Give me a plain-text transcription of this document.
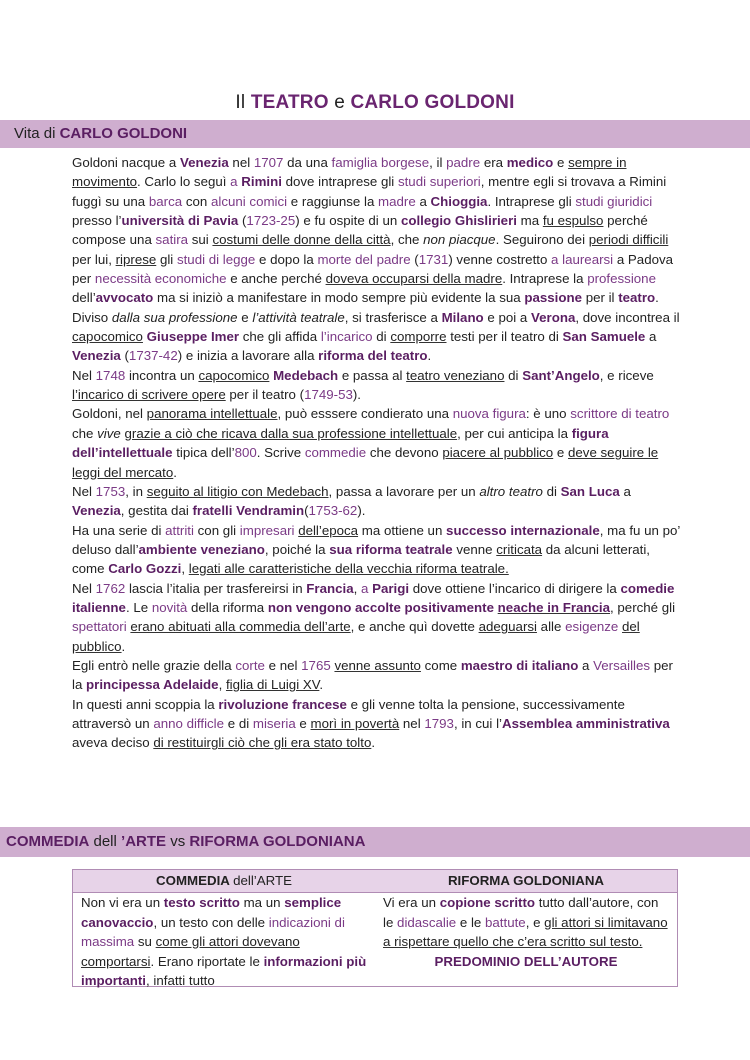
Il TEATRO e CARLO GOLDONI
Vita di CARLO GOLDONI
Goldoni nacque a Venezia nel 1707 da una famiglia borgese, il padre era medico e sempre in movimento. Carlo lo seguì a Rimini dove intraprese gli studi superiori, mentre egli si trovava a Rimini fuggì su una barca con alcuni comici e raggiunse la madre a Chioggia. Intraprese gli studi giuridici presso l’università di Pavia (1723-25) e fu ospite di un collegio Ghislirieri ma fu espulso perché compose una satira sui costumi delle donne della città, che non piacque. Seguirono dei periodi difficili per lui, riprese gli studi di legge e dopo la morte del padre (1731) venne costretto a laurearsi a Padova per necessità economiche e anche perché doveva occuparsi della madre. Intraprese la professione dell’avvocato ma si iniziò a manifestare in modo sempre più evidente la sua passione per il teatro. Diviso dalla sua professione e l’attività teatrale, si trasferisce a Milano e poi a Verona, dove incontrea il capocomico Giuseppe Imer che gli affida l’incarico di comporre testi per il teatro di San Samuele a Venezia (1737-42) e inizia a lavorare alla riforma del teatro.
Nel 1748 incontra un capocomico Medebach e passa al teatro veneziano di Sant’Angelo, e riceve l’incarico di scrivere opere per il teatro (1749-53).
Goldoni, nel panorama intellettuale, può esssere condierato una nuova figura: è uno scrittore di teatro che vive grazie a ciò che ricava dalla sua professione intellettuale, per cui anticipa la figura dell’intellettuale tipica dell’800. Scrive commedie che devono piacere al pubblico e deve seguire le leggi del mercato.
Nel 1753, in seguito al litigio con Medebach, passa a lavorare per un altro teatro di San Luca a Venezia, gestita dai fratelli Vendramin(1753-62).
Ha una serie di attriti con gli impresari dell’epoca ma ottiene un successo internazionale, ma fu un po’ deluso dall’ambiente veneziano, poiché la sua riforma teatrale venne criticata da alcuni letterati, come Carlo Gozzi, legati alle caratteristiche della vecchia riforma teatrale.
Nel 1762 lascia l’italia per trasfereirsi in Francia, a Parigi dove ottiene l’incarico di dirigere la comedie italienne. Le novità della riforma non vengono accolte positivamente neache in Francia, perché gli spettatori erano abituati alla commedia dell’arte, e anche quì dovette adeguarsi alle esigenze del pubblico.
Egli entrò nelle grazie della corte e nel 1765 venne assunto come maestro di italiano a Versailles per la principessa Adelaide, figlia di Luigi XV.
In questi anni scoppia la rivoluzione francese e gli venne tolta la pensione, successivamente attraversò un anno difficle e di miseria e morì in povertà nel 1793, in cui l’Assemblea amministrativa aveva deciso di restituirgli ciò che gli era stato tolto.
COMMEDIA dell ’ARTE vs RIFORMA GOLDONIANA
COMMEDIA dell’ARTE	RIFORMA GOLDONIANA
Non vi era un testo scritto ma un semplice canovaccio, un testo con delle indicazioni di massima su come gli attori dovevano comportarsi. Erano riportate le informazioni più importanti, infatti tutto
Vi era un copione scritto tutto dall’autore, con le didascalie e le battute, e gli attori si limitavano a rispettare quello che c’era scritto sul testo.
PREDOMINIO DELL’AUTORE
